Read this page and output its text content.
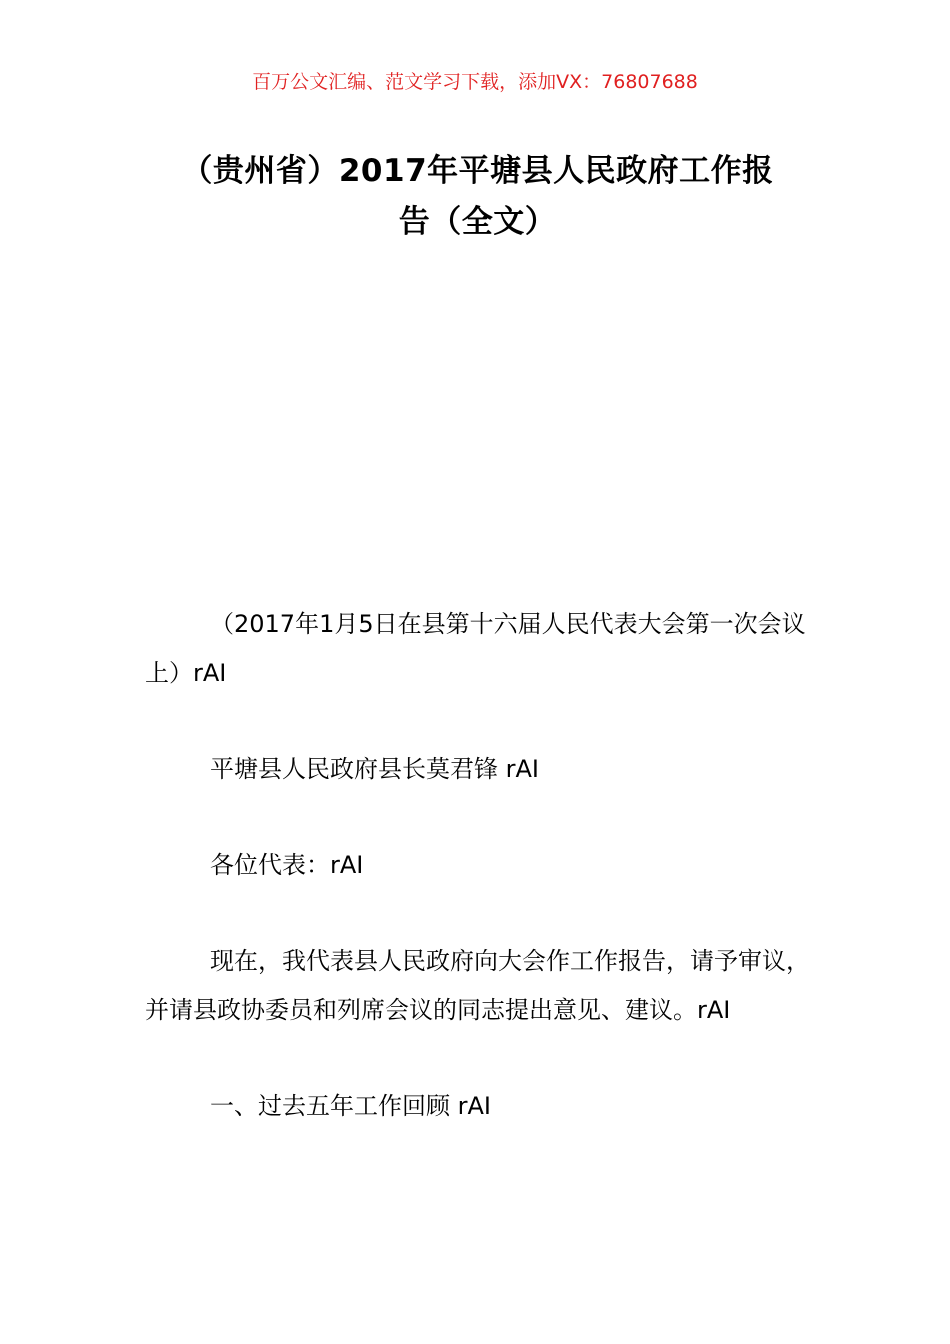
百万公文汇编、范文学习下载，添加VX：76807688
（贵州省）2017年平塘县人民政府工作报
告（全文）

（2017年1月5日在县第十六届人民代表大会第一次会议上）rAI

平塘县人民政府县长莫君锋 rAI

各位代表：rAI

现在，我代表县人民政府向大会作工作报告，请予审议，并请县政协委员和列席会议的同志提出意见、建议。rAI

一、过去五年工作回顾 rAI
